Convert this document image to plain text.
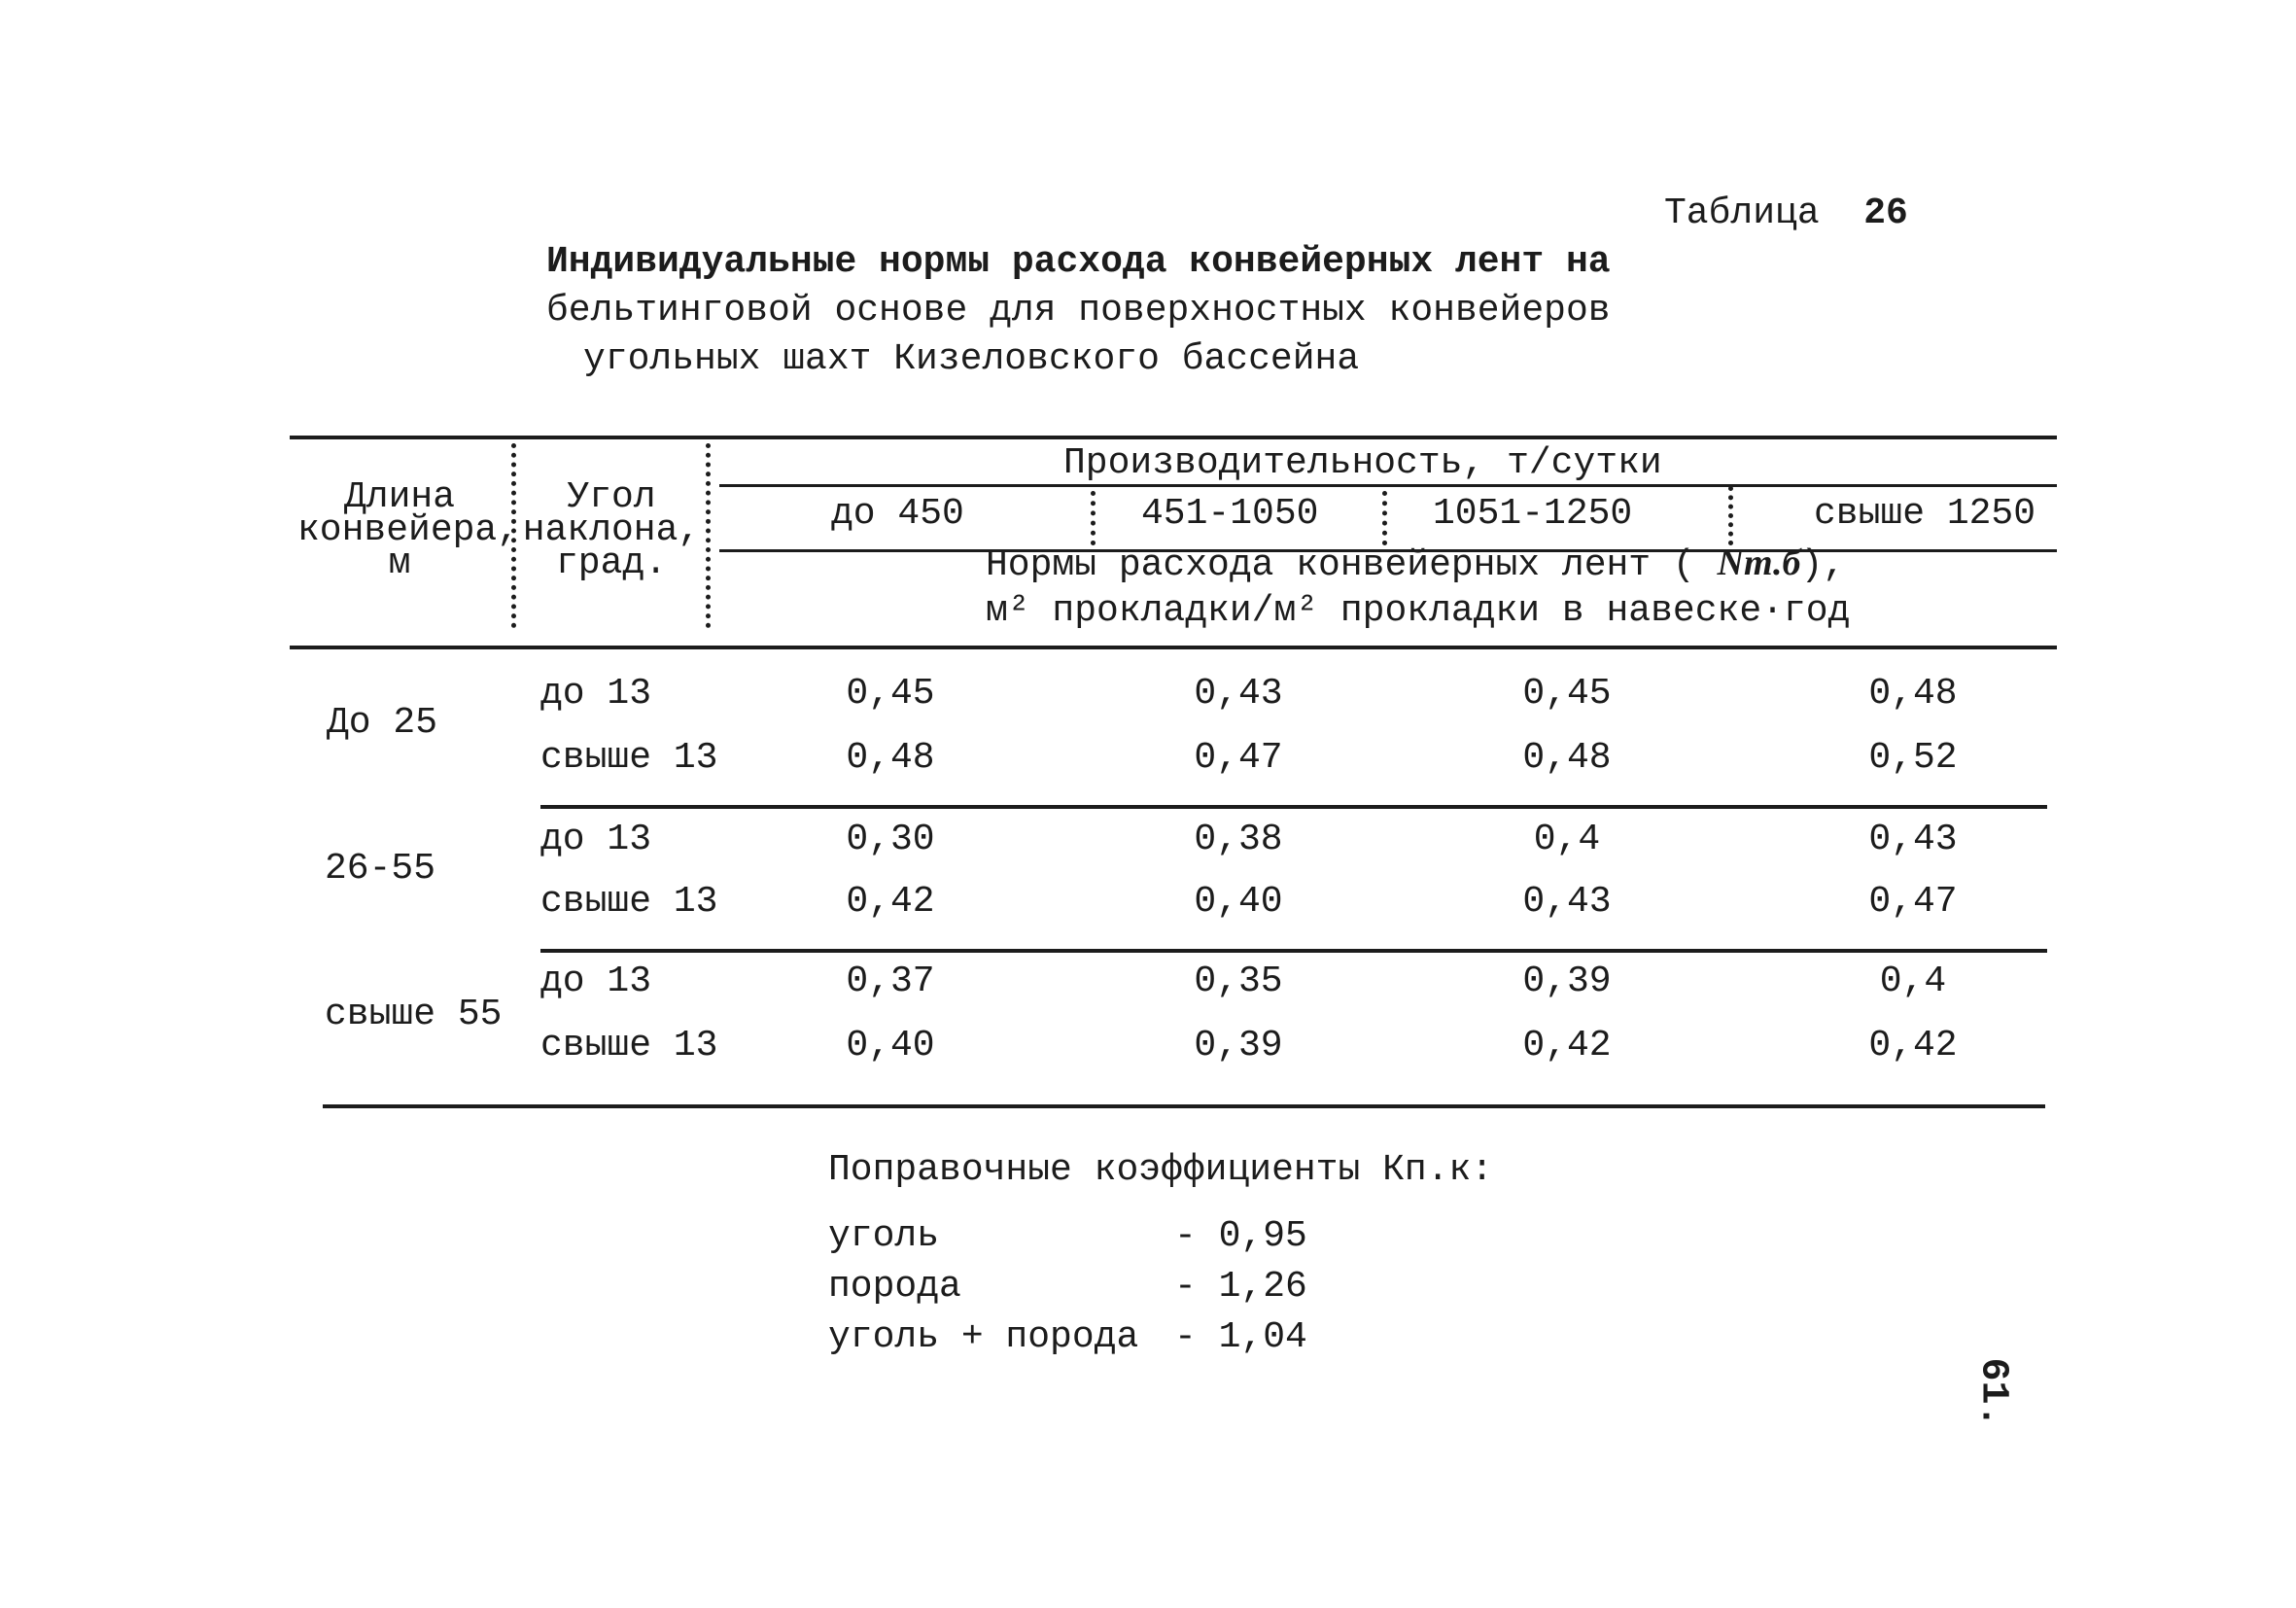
Таблица 26
Индивидуальные нормы расхода конвейерных лент на
бельтинговой основе для поверхностных конвейеров
угольных шахт Кизеловского бассейна
Длина
конвейера,
м
Угол
наклона,
град.
Производительность, т/сутки
до 450	451-1050	1051-1250	свыше 1250
Нормы расхода конвейерных лент ( Nт.б),
м² прокладки/м² прокладки в навеске·год
До 25
до 13	0,45	0,43	0,45	0,48
свыше 13	0,48	0,47	0,48	0,52
26-55
до 13	0,30	0,38	0,4	0,43
свыше 13	0,42	0,40	0,43	0,47
свыше 55
до 13	0,37	0,35	0,39	0,4
свыше 13	0,40	0,39	0,42	0,42
Поправочные коэффициенты Кп.к:
уголь	- 0,95
порода	- 1,26
уголь + порода - 1,04
61.
